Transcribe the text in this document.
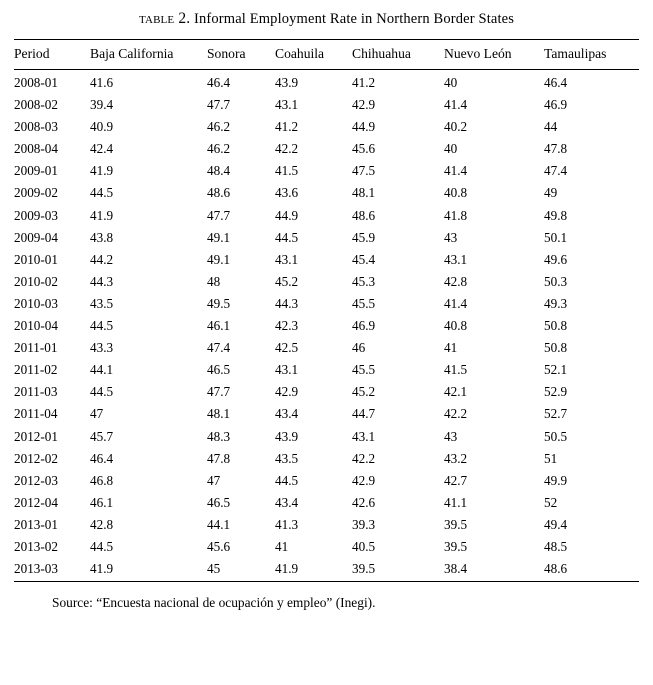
table 2. Informal Employment Rate in Northern Border States
Period	Baja California	Sonora	Coahuila	Chihuahua	Nuevo León	Tamaulipas
2008-01	41.6	46.4	43.9	41.2	40	46.4
2008-02	39.4	47.7	43.1	42.9	41.4	46.9
2008-03	40.9	46.2	41.2	44.9	40.2	44
2008-04	42.4	46.2	42.2	45.6	40	47.8
2009-01	41.9	48.4	41.5	47.5	41.4	47.4
2009-02	44.5	48.6	43.6	48.1	40.8	49
2009-03	41.9	47.7	44.9	48.6	41.8	49.8
2009-04	43.8	49.1	44.5	45.9	43	50.1
2010-01	44.2	49.1	43.1	45.4	43.1	49.6
2010-02	44.3	48	45.2	45.3	42.8	50.3
2010-03	43.5	49.5	44.3	45.5	41.4	49.3
2010-04	44.5	46.1	42.3	46.9	40.8	50.8
2011-01	43.3	47.4	42.5	46	41	50.8
2011-02	44.1	46.5	43.1	45.5	41.5	52.1
2011-03	44.5	47.7	42.9	45.2	42.1	52.9
2011-04	47	48.1	43.4	44.7	42.2	52.7
2012-01	45.7	48.3	43.9	43.1	43	50.5
2012-02	46.4	47.8	43.5	42.2	43.2	51
2012-03	46.8	47	44.5	42.9	42.7	49.9
2012-04	46.1	46.5	43.4	42.6	41.1	52
2013-01	42.8	44.1	41.3	39.3	39.5	49.4
2013-02	44.5	45.6	41	40.5	39.5	48.5
2013-03	41.9	45	41.9	39.5	38.4	48.6
Source: “Encuesta nacional de ocupación y empleo” (Inegi).
